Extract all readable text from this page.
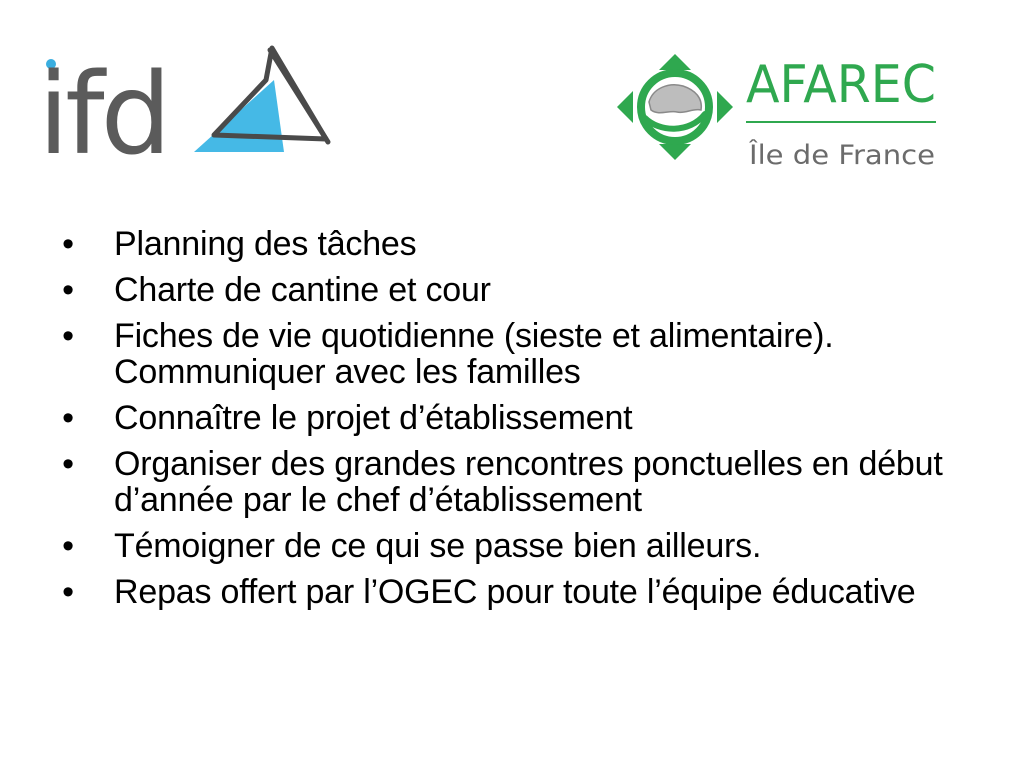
ifd	AFAREC
Île de France
• Planning des tâches
• Charte de cantine et cour
• Fiches de vie quotidienne (sieste et alimentaire). Communiquer avec les familles
• Connaître le projet d’établissement
• Organiser des grandes rencontres ponctuelles en début d’année par le chef d’établissement
• Témoigner de ce qui se passe bien ailleurs.
• Repas offert par l’OGEC pour toute l’équipe éducative
